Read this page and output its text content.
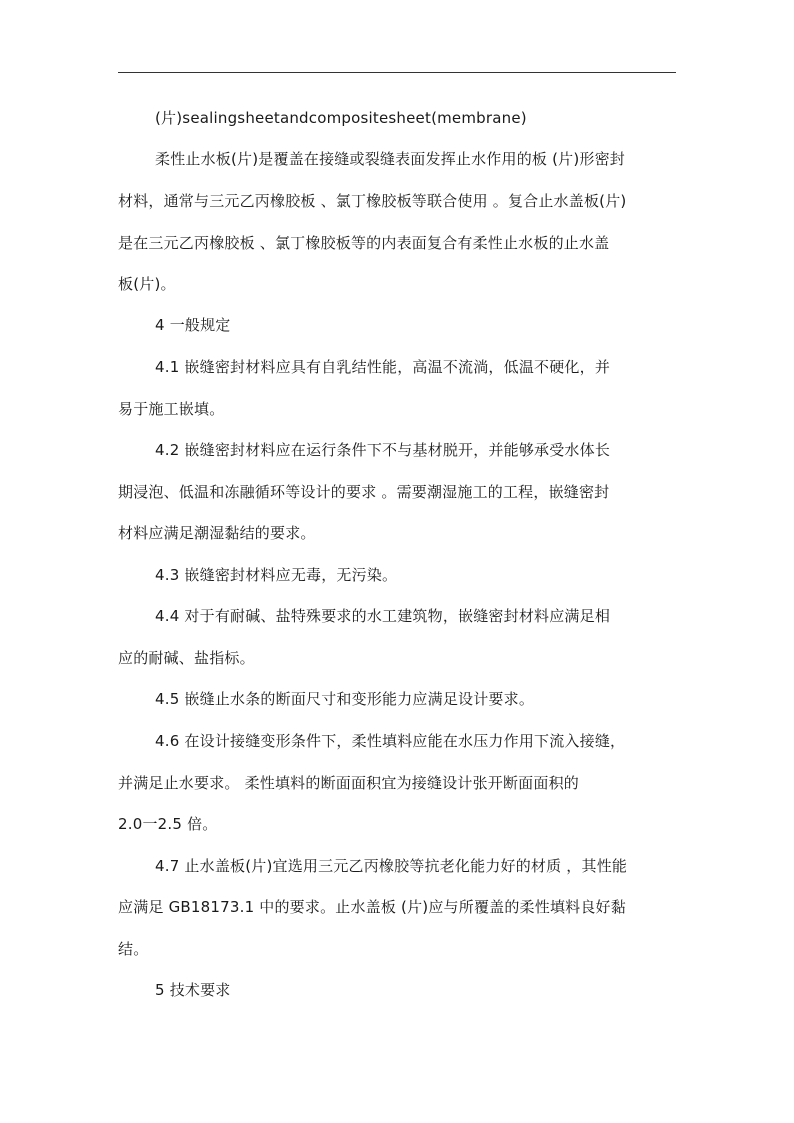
(片)sealingsheetandcompositesheet(membrane)
柔性止水板(片)是覆盖在接缝或裂缝表面发挥止水作用的板 (片)形密封
材料，通常与三元乙丙橡胶板 、氯丁橡胶板等联合使用 。复合止水盖板(片)
是在三元乙丙橡胶板 、氯丁橡胶板等的内表面复合有柔性止水板的止水盖
板(片)。
4 一般规定
4.1 嵌缝密封材料应具有自乳结性能，高温不流淌，低温不硬化，并
易于施工嵌填。
4.2 嵌缝密封材料应在运行条件下不与基材脱开，并能够承受水体长
期浸泡、低温和冻融循环等设计的要求 。需要潮湿施工的工程，嵌缝密封
材料应满足潮湿黏结的要求。
4.3 嵌缝密封材料应无毒，无污染。
4.4 对于有耐碱、盐特殊要求的水工建筑物，嵌缝密封材料应满足相
应的耐碱、盐指标。
4.5 嵌缝止水条的断面尺寸和变形能力应满足设计要求。
4.6 在设计接缝变形条件下，柔性填料应能在水压力作用下流入接缝，
并满足止水要求。 柔性填料的断面面积宜为接缝设计张开断面面积的
2.0一2.5 倍。
4.7 止水盖板(片)宜选用三元乙丙橡胶等抗老化能力好的材质 ，其性能
应满足 GB18173.1 中的要求。止水盖板 (片)应与所覆盖的柔性填料良好黏
结。
5 技术要求
